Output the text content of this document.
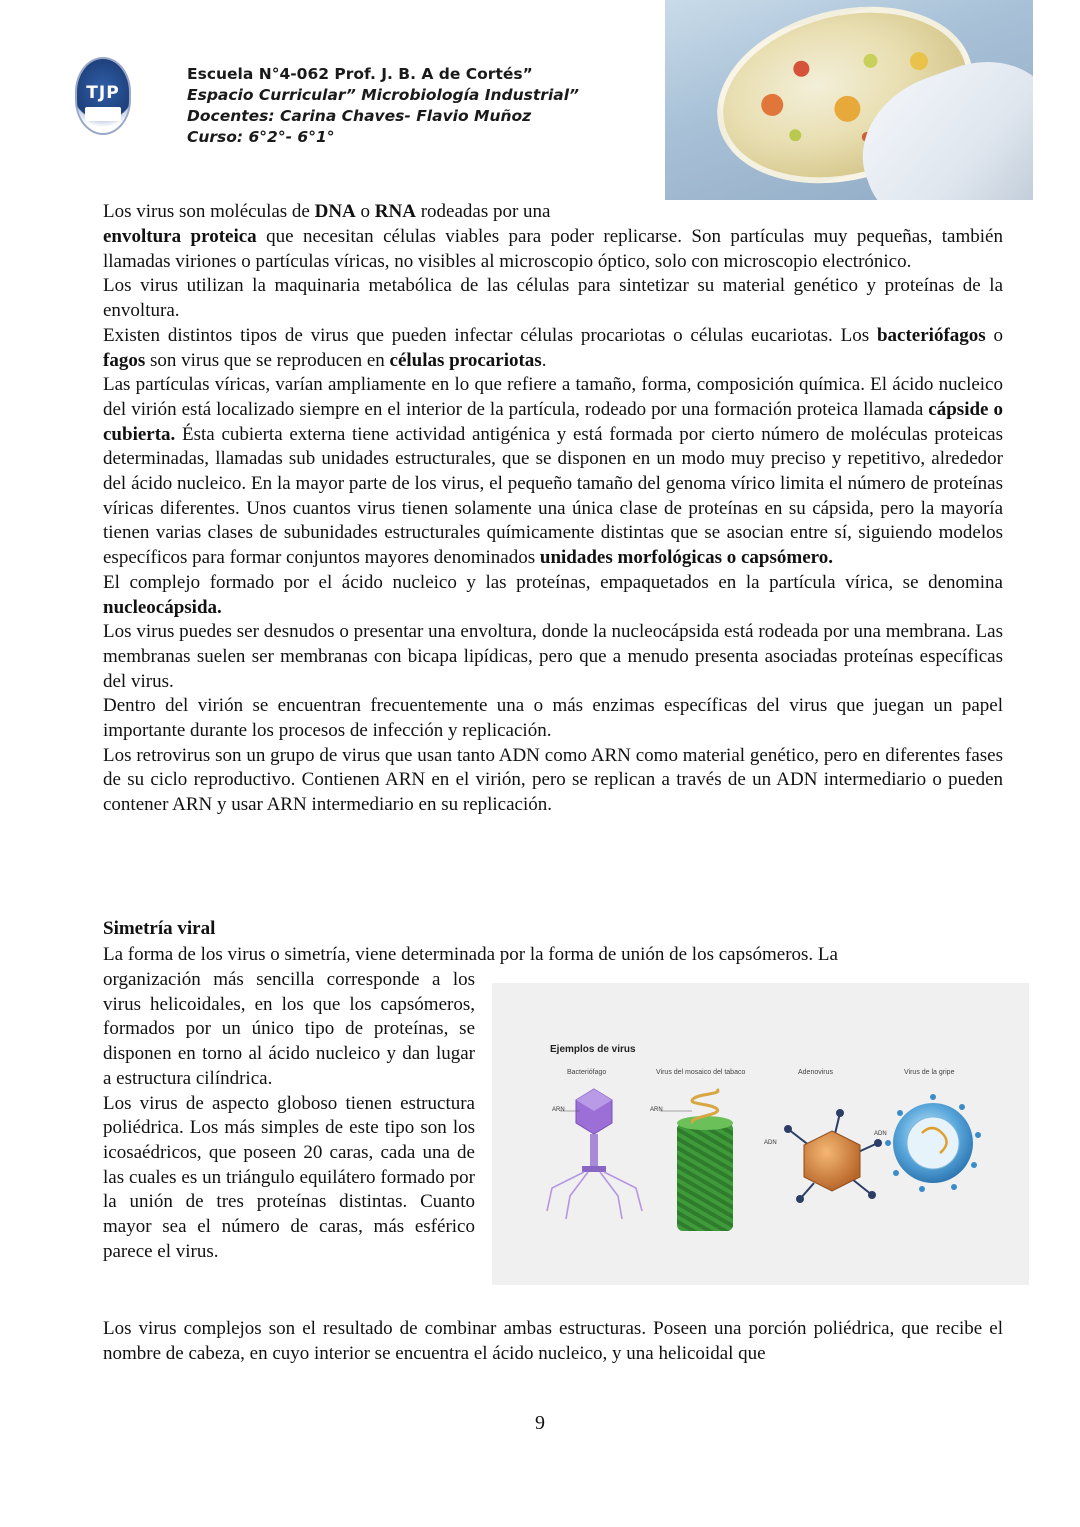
TJP
Escuela N°4-062 Prof. J. B. A de Cortés”
Espacio Curricular” Microbiología Industrial”
Docentes: Carina Chaves- Flavio Muñoz
Curso: 6°2°- 6°1°
Los virus son moléculas de DNA o RNA rodeadas por una

envoltura proteica que necesitan células viables para poder replicarse. Son partículas muy pequeñas, también llamadas viriones o partículas víricas, no visibles al microscopio óptico, solo con microscopio electrónico.

Los virus utilizan la maquinaria metabólica de las células para sintetizar su material genético y proteínas de la envoltura.

Existen distintos tipos de virus que pueden infectar células procariotas o células eucariotas. Los bacteriófagos o fagos son virus que se reproducen en células procariotas.

Las partículas víricas, varían ampliamente en lo que refiere a tamaño, forma, composición química. El ácido nucleico del virión está localizado siempre en el interior de la partícula, rodeado por una formación proteica llamada cápside o cubierta. Ésta cubierta externa tiene actividad antigénica y está formada por cierto número de moléculas proteicas determinadas, llamadas sub unidades estructurales, que se disponen en un modo muy preciso y repetitivo, alrededor del ácido nucleico. En la mayor parte de los virus, el pequeño tamaño del genoma vírico limita el número de proteínas víricas diferentes. Unos cuantos virus tienen solamente una única clase de proteínas en su cápsida, pero la mayoría tienen varias clases de subunidades estructurales químicamente distintas que se asocian entre sí, siguiendo modelos específicos para formar conjuntos mayores denominados unidades morfológicas o capsómero.

El complejo formado por el ácido nucleico y las proteínas, empaquetados en la partícula vírica, se denomina nucleocápsida.

Los virus puedes ser desnudos o presentar una envoltura, donde la nucleocápsida está rodeada por una membrana. Las membranas suelen ser membranas con bicapa lipídicas, pero que a menudo presenta asociadas proteínas específicas del virus.

Dentro del virión se encuentran frecuentemente una o más enzimas específicas del virus que juegan un papel importante durante los procesos de infección y replicación.

Los retrovirus son un grupo de virus que usan tanto ADN como ARN como material genético, pero en diferentes fases de su ciclo reproductivo. Contienen ARN en el virión, pero se replican a través de un ADN intermediario o pueden contener ARN y usar ARN intermediario en su replicación.

Simetría viral

La forma de los virus o simetría, viene determinada por la forma de unión de los capsómeros. La

organización más sencilla corresponde a los virus helicoidales, en los que los capsómeros, formados por un único tipo de proteínas, se disponen en torno al ácido nucleico y dan lugar a estructura cilíndrica.

Los virus de aspecto globoso tienen estructura poliédrica. Los más simples de este tipo son los icosaédricos, que poseen 20 caras, cada una de las cuales es un triángulo equilátero formado por la unión de tres proteínas distintas. Cuanto mayor sea el número de caras, más esférico parece el virus.

Ejemplos de virus
Bacteriófago	Virus del mosaico del tabaco	Adenovirus	Virus de la gripe
ARN	ARN
ADN
ADN

Los virus complejos son el resultado de combinar ambas estructuras. Poseen una porción poliédrica, que recibe el nombre de cabeza, en cuyo interior se encuentra el ácido nucleico, y una helicoidal que

9
